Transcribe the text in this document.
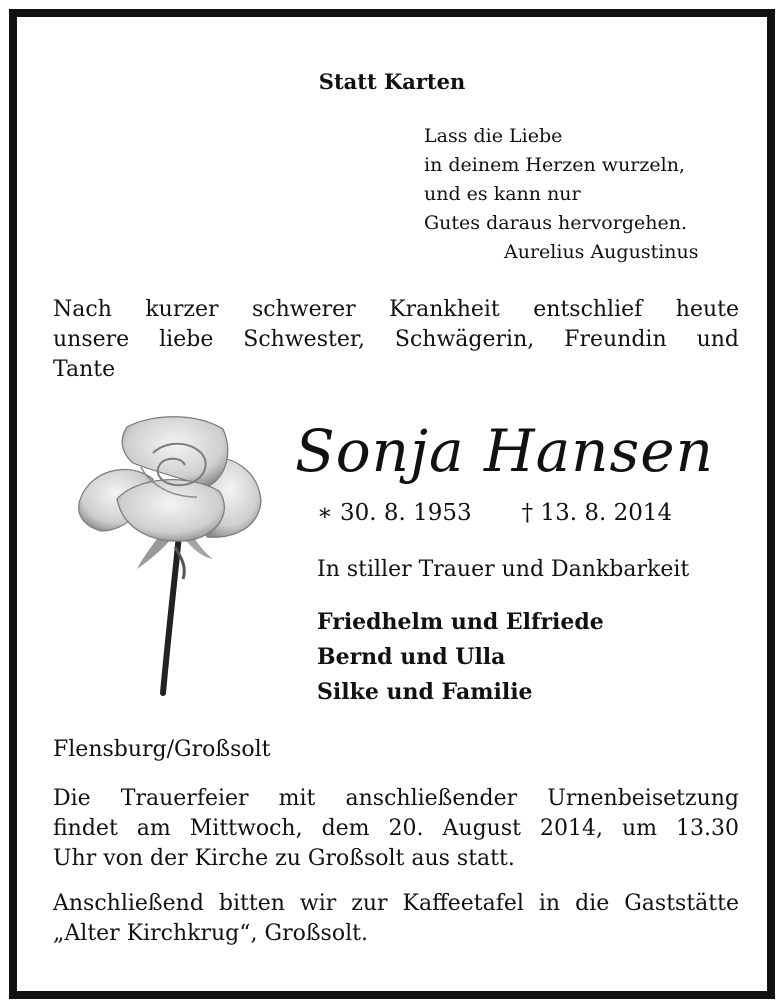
Statt Karten
Lass die Liebe
in deinem Herzen wurzeln,
und es kann nur
Gutes daraus hervorgehen.
Aurelius Augustinus
Nach kurzer schwerer Krankheit entschlief heute
unsere liebe Schwester, Schwägerin, Freundin und
Tante
Sonja Hansen
∗ 30. 8. 1953 † 13. 8. 2014
In stiller Trauer und Dankbarkeit
Friedhelm und Elfriede
Bernd und Ulla
Silke und Familie
Flensburg/Großsolt
Die Trauerfeier mit anschließender Urnenbeisetzung
findet am Mittwoch, dem 20. August 2014, um 13.30
Uhr von der Kirche zu Großsolt aus statt.
Anschließend bitten wir zur Kaffeetafel in die Gaststätte
„Alter Kirchkrug“, Großsolt.
